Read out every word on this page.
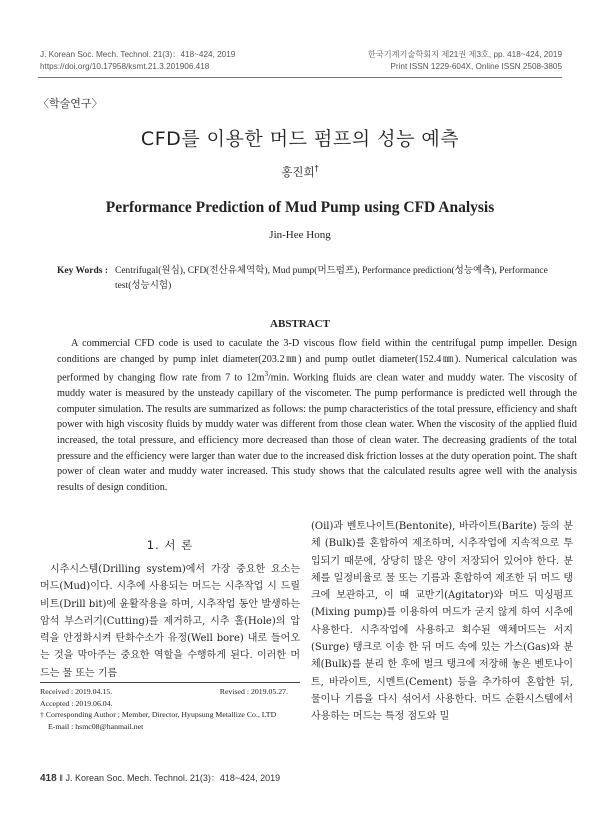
J. Korean Soc. Mech. Technol. 21(3)：418~424, 2019
https://doi.org/10.17958/ksmt.21.3.201906.418
한국기계기술학회지 제21권 제3호, pp. 418~424, 2019
Print ISSN 1229-604X, Online ISSN 2508-3805
〈학술연구〉
CFD를 이용한 머드 펌프의 성능 예측
홍진희†
Performance Prediction of Mud Pump using CFD Analysis
Jin-Hee Hong
Key Words : Centrifugal(원심), CFD(전산유체역학), Mud pump(머드펌프), Performance prediction(성능예측), Performance test(성능시험)
ABSTRACT
A commercial CFD code is used to caculate the 3-D viscous flow field within the centrifugal pump impeller. Design conditions are changed by pump inlet diameter(203.2㎜) and pump outlet diameter(152.4㎜). Numerical calculation was performed by changing flow rate from 7 to $12m^3/\min$. Working fluids are clean water and muddy water. The viscosity of muddy water is measured by the unsteady capillary of the viscometer. The pump performance is predicted well through the computer simulation. The results are summarized as follows: the pump characteristics of the total pressure, efficiency and shaft power with high viscosity fluids by muddy water was different from those clean water. When the viscosity of the applied fluid increased, the total pressure, and efficiency more decreased than those of clean water. The decreasing gradients of the total pressure and the efficiency were larger than water due to the increased disk friction losses at the duty operation point. The shaft power of clean water and muddy water increased. This study shows that the calculated results agree well with the analysis results of design condition.
1. 서 론
시추시스템(Drilling system)에서 가장 중요한 요소는 머드(Mud)이다. 시추에 사용되는 머드는 시추작업 시 드릴 비트(Drill bit)에 윤활작용을 하며, 시추작업 동안 발생하는 암석 부스러기(Cutting)를 제거하고, 시추 홀(Hole)의 압력을 안정화시켜 탄화수소가 유정(Well bore) 내로 들어오는 것을 막아주는 중요한 역할을 수행하게 된다. 이러한 머드는 물 또는 기름
(Oil)과 벤토나이트(Bentonite), 바라이트(Barite) 등의 분체 (Bulk)를 혼합하여 제조하며, 시추작업에 지속적으로 투입되기 때문에, 상당히 많은 양이 저장되어 있어야 한다. 분체를 일정비율로 물 또는 기름과 혼합하여 제조한 뒤 머드 탱크에 보관하고, 이 때 교반기(Agitator)와 머드 믹싱펌프(Mixing pump)를 이용하여 머드가 굳지 않게 하여 시추에 사용한다. 시추작업에 사용하고 회수된 액체머드는 서지(Surge) 탱크로 이송 한 뒤 머드 속에 있는 가스(Gas)와 분체(Bulk)를 분리 한 후에 벌크 탱크에 저장해 놓은 벤토나이트, 바라이트, 시멘트(Cement) 등을 추가하여 혼합한 뒤, 물이나 기름을 다시 섞어서 사용한다. 머드 순환시스템에서 사용하는 머드는 특정 점도와 밀
Received : 2019.04.15.	Revised : 2019.05.27.
Accepted : 2019.06.04.
† Corresponding Author ; Member, Director, Hyupsung Metallize Co., LTD
E-mail : hsmc08@hanmail.net
418 ‖ J. Korean Soc. Mech. Technol. 21(3)：418~424, 2019
